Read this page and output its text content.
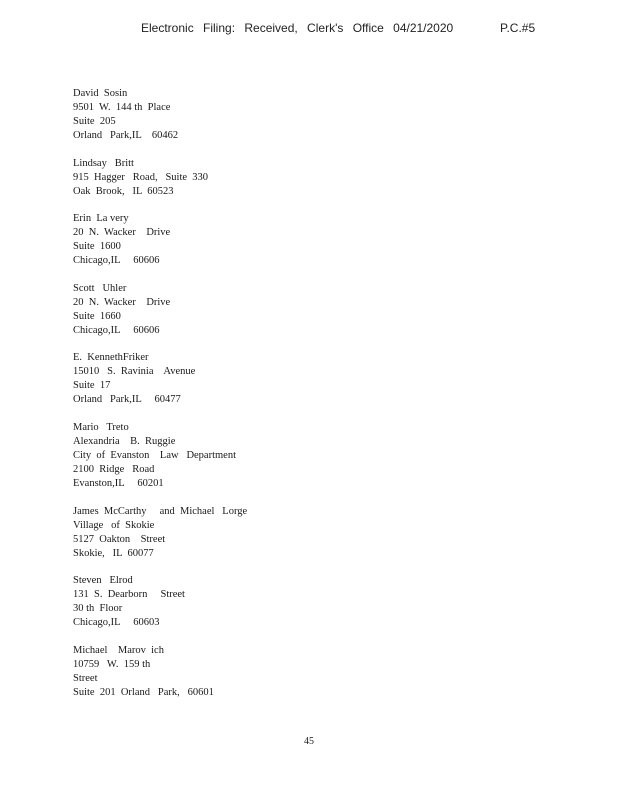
Electronic Filing: Received, Clerk's Office 04/21/2020	P.C.#5
David  Sosin
9501  W.  144 th  Place
Suite  205
Orland   Park,IL    60462
Lindsay   Britt
915  Hagger   Road,   Suite  330
Oak  Brook,   IL  60523
Erin  La very
20  N.  Wacker    Drive
Suite  1600
Chicago,IL     60606
Scott   Uhler
20  N.  Wacker    Drive
Suite  1660
Chicago,IL     60606
E.  KennethFriker
15010   S.  Ravinia    Avenue
Suite  17
Orland   Park,IL     60477
Mario   Treto
Alexandria    B.  Ruggie
City  of  Evanston    Law   Department
2100  Ridge   Road
Evanston,IL     60201
James  McCarthy     and  Michael   Lorge
Village   of  Skokie
5127  Oakton    Street
Skokie,   IL  60077
Steven   Elrod
131  S.  Dearborn     Street
30 th  Floor
Chicago,IL     60603
Michael    Marov  ich
10759   W.  159 th
Street
Suite  201  Orland   Park,   60601
45
